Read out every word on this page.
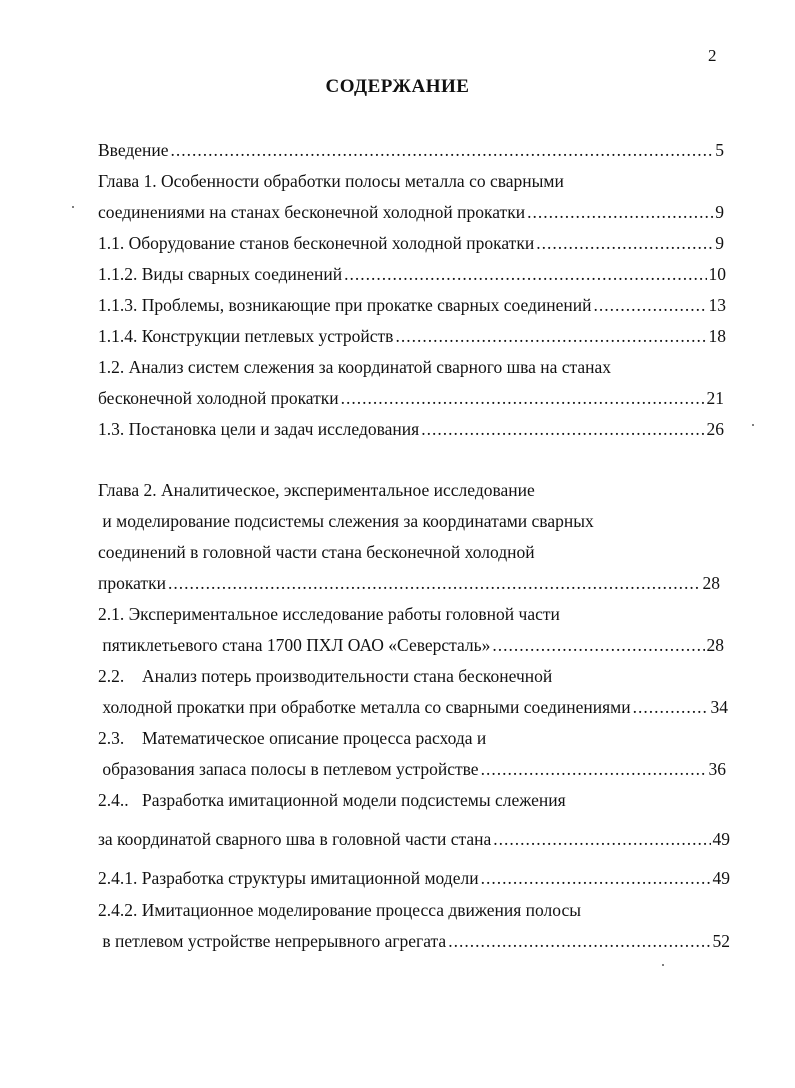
2
СОДЕРЖАНИЕ
Введение .....	5
Глава 1. Особенности обработки полосы металла со сварными
соединениями на станах бесконечной холодной прокатки .....	9
1.1. Оборудование станов бесконечной холодной прокатки .....	9
1.1.2. Виды сварных соединений .....	10
1.1.3. Проблемы, возникающие при прокатке сварных соединений .....	13
1.1.4. Конструкции петлевых устройств .....	18
1.2. Анализ систем слежения за координатой сварного шва на станах
бесконечной холодной прокатки .....	21
1.3. Постановка цели и задач исследования .....	26
Глава 2. Аналитическое, экспериментальное исследование
и моделирование подсистемы слежения за координатами сварных
соединений в головной части стана бесконечной холодной
прокатки .....	28
2.1. Экспериментальное исследование работы головной части
пятиклетьевого стана 1700 ПХЛ ОАО «Северсталь» .....	28
2.2. Анализ потерь производительности стана бесконечной
холодной прокатки при обработке металла со сварными соединениями .....	34
2.3. Математическое описание процесса расхода и
образования запаса полосы в петлевом устройстве .....	36
2.4.. Разработка имитационной модели подсистемы слежения
за координатой сварного шва в головной части стана .....	49
2.4.1. Разработка структуры имитационной модели .....	49
2.4.2. Имитационное моделирование процесса движения полосы
в петлевом устройстве непрерывного агрегата .....	52
